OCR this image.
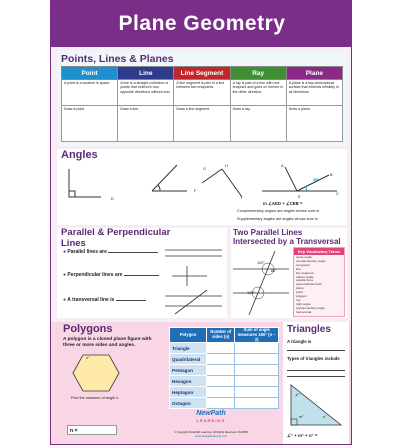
Plane Geometry
Points, Lines & Planes
Point	Line	Line Segment	Ray	Plane
A point is a location in space.	A line is a straight collection of points that extend in two opposite directions without end.	A line segment is part of a line between two endpoints.	A ray is part of a line with one endpoint and goes on forever in the other direction.	A plane is a two-dimensional surface that extends infinitely in all directions.
Draw a point.	Draw a line.	Draw a line segment.	Draw a ray.	Draw a plane.
Angles
D
F
G
H
I
A
B
C
E
35°
m ∠AED + ∠CEB =
Complementary angles are angles whose sum is
Supplementary angles are angles whose sum is
Parallel & Perpendicular Lines
● Parallel lines are
● Perpendicular lines are
● A transversal line is
Two Parallel Lines Intersected by a Transversal
120°
60°
120°
Key Vocabulary Terms
acute angle
complementary angle
congruent
line
line segment
obtuse angle
parallel lines
perpendicular lines
plane
point
polygon
ray
right angle
supplementary angle
transversal
Polygons
A polygon is a closed plane figure with three or more sides and angles.
n°
Find the measure of angle n.
n =
Polygon	Number of sides (n)	Sum of angle measures 180° (n − 2)
Triangle		
Quadrilateral		
Pentagon		
Hexagon		
Heptagon		
Octagon		
NewPath
LEARNING
© Copyright NewPath Learning. All Rights Reserved. 93-4805
www.newpathlearning.com
Triangles
A triangle is
Types of triangles include
∠°
m°	n°
∠° + m° + n° =
